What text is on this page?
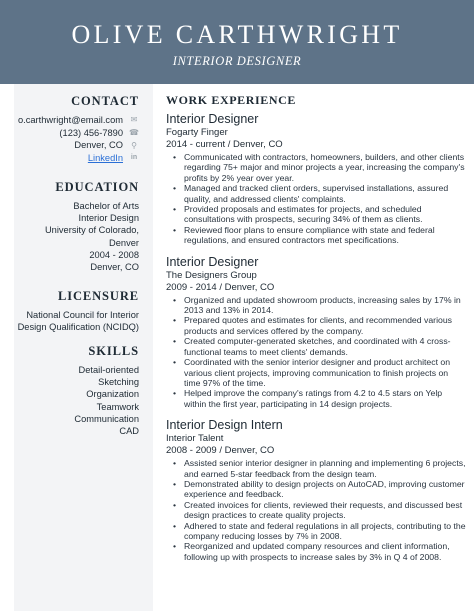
OLIVE CARTHWRIGHT
INTERIOR DESIGNER
CONTACT
o.carthwright@email.com ✉
(123) 456-7890 ☎
Denver, CO ⚲
LinkedIn in
EDUCATION
Bachelor of Arts
Interior Design
University of Colorado,
Denver
2004 - 2008
Denver, CO
LICENSURE
National Council for Interior
Design Qualification (NCIDQ)
SKILLS
Detail-oriented
Sketching
Organization
Teamwork
Communication
CAD
WORK EXPERIENCE
Interior Designer
Fogarty Finger
2014 - current / Denver, CO
• Communicated with contractors, homeowners, builders, and other clients regarding 75+ major and minor projects a year, increasing the company's profits by 2% year over year.
• Managed and tracked client orders, supervised installations, assured quality, and addressed clients' complaints.
• Provided proposals and estimates for projects, and scheduled consultations with prospects, securing 34% of them as clients.
• Reviewed floor plans to ensure compliance with state and federal regulations, and ensured contractors met specifications.
Interior Designer
The Designers Group
2009 - 2014 / Denver, CO
• Organized and updated showroom products, increasing sales by 17% in 2013 and 13% in 2014.
• Prepared quotes and estimates for clients, and recommended various products and services offered by the company.
• Created computer-generated sketches, and coordinated with 4 cross-functional teams to meet clients' demands.
• Coordinated with the senior interior designer and product architect on various client projects, improving communication to finish projects on time 97% of the time.
• Helped improve the company's ratings from 4.2 to 4.5 stars on Yelp within the first year, participating in 14 design projects.
Interior Design Intern
Interior Talent
2008 - 2009 / Denver, CO
• Assisted senior interior designer in planning and implementing 6 projects, and earned 5-star feedback from the design team.
• Demonstrated ability to design projects on AutoCAD, improving customer experience and feedback.
• Created invoices for clients, reviewed their requests, and discussed best design practices to create quality projects.
• Adhered to state and federal regulations in all projects, contributing to the company reducing losses by 7% in 2008.
• Reorganized and updated company resources and client information, following up with prospects to increase sales by 3% in Q 4 of 2008.
